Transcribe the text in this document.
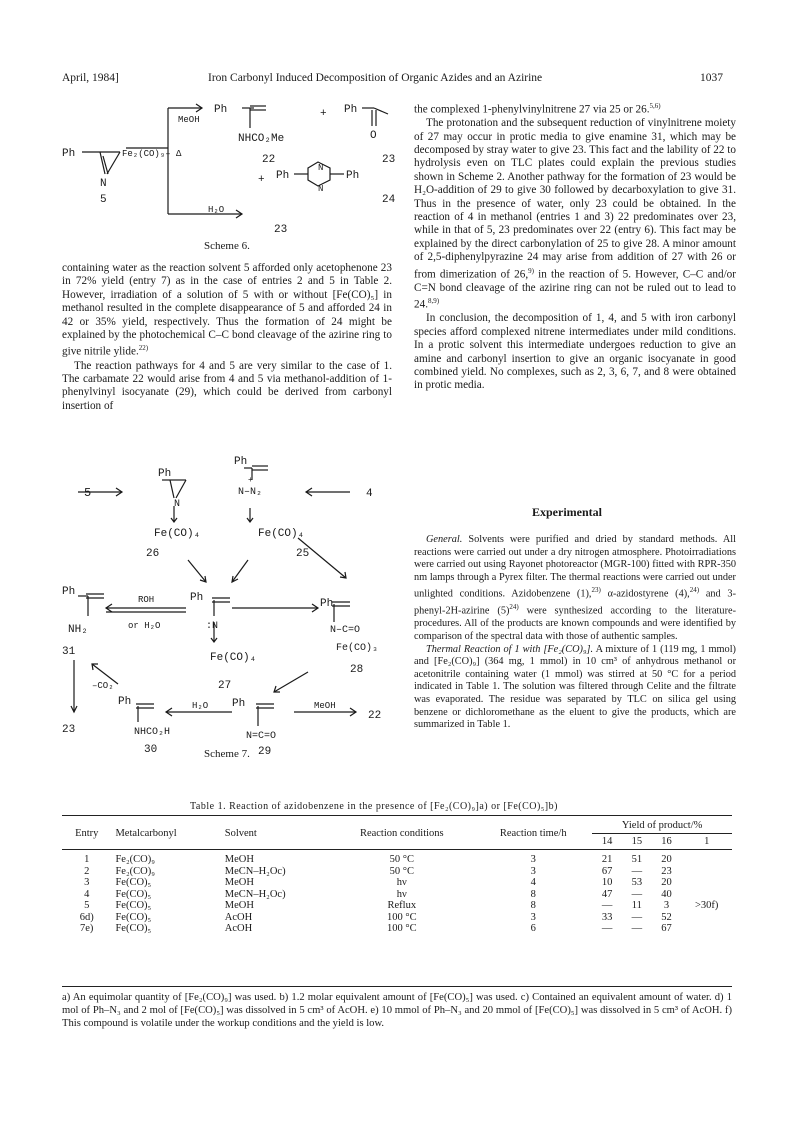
April, 1984]	Iron Carbonyl Induced Decomposition of Organic Azides and an Azirine	1037
Ph	Fe₂(CO)₉– Δ
N
5
MeOH
Ph
NHCO₂Me
22
+ Ph
O
23
+ Ph	Ph
N
N
24
H₂O
23
Scheme 6.

containing water as the reaction solvent 5 afforded only acetophenone 23 in 72% yield (entry 7) as in the case of entries 2 and 5 in Table 2. However, irradiation of a solution of 5 with or without [Fe(CO)₅] in methanol resulted in the complete disappearance of 5 and afforded 24 in 42 or 35% yield, respectively. Thus the formation of 24 might be explained by the photochemical C–C bond cleavage of the azirine ring to give nitrile ylide.$^{22)}$

The reaction pathways for 4 and 5 are very similar to the case of 1. The carbamate 22 would arise from 4 and 5 via methanol-addition of 1-phenylvinyl isocyanate (29), which could be derived from carbonyl insertion of

5
Ph
N
Fe(CO)₄
26
Ph
N–N₂
+
Fe(CO)₄
25
4
Ph
NH₂
31
ROH
or H₂O
Ph
:N
Fe(CO)₄
27
Ph
N–C=O
Fe(CO)₃
28
–CO₂
Ph
NHCO₂H
23
30
H₂O Ph
N=C=O
29
MeOH
22
Scheme 7.

the complexed 1-phenylvinylnitrene 27 via 25 or 26.$^{5,6)}$

The protonation and the subsequent reduction of vinylnitrene moiety of 27 may occur in protic media to give enamine 31, which may be decomposed by stray water to give 23. This fact and the lability of 22 to hydrolysis even on TLC plates could explain the previous studies shown in Scheme 2. Another pathway for the formation of 23 would be H₂O-addition of 29 to give 30 followed by decarboxylation to give 31. Thus in the presence of water, only 23 could be obtained. In the reaction of 4 in methanol (entries 1 and 3) 22 predominates over 23, while in that of 5, 23 predominates over 22 (entry 6). This fact may be explained by the direct carbonylation of 25 to give 28. A minor amount of 2,5-diphenylpyrazine 24 may arise from addition of 27 with 26 or from dimerization of 26,$^{9)}$ in the reaction of 5. However, C–C and/or C=N bond cleavage of the azirine ring can not be ruled out to lead to 24.$^{8,9)}$

In conclusion, the decomposition of 1, 4, and 5 with iron carbonyl species afford complexed nitrene intermediates under mild conditions. In a protic solvent this intermediate undergoes reduction to give an amine and carbonyl insertion to give an organic isocyanate in good combined yield. No complexes, such as 2, 3, 6, 7, and 8 were obtained in protic media.

Experimental

General. Solvents were purified and dried by standard methods. All reactions were carried out under a dry nitrogen atmosphere. Photoirradiations were carried out using Rayonet photoreactor (MGR-100) fitted with RPR-350 nm lamps through a Pyrex filter. The thermal reactions were carried out under unlighted conditions. Azidobenzene (1),$^{23)}$ α-azidostyrene (4),$^{24)}$ and 3-phenyl-2H-azirine $(5)^{24)}$ were synthesized according to the literature-procedures. All of the products are known compounds and were identified by comparison of the spectral data with those of authentic samples.

Thermal Reaction of 1 with [Fe₂(CO)₉]. A mixture of 1 (119 mg, 1 mmol) and [Fe₂(CO)₉] (364 mg, 1 mmol) in 10 cm³ of anhydrous methanol or acetonitrile containing water (1 mmol) was stirred at 50 °C for a period indicated in Table 1. The solution was filtered through Celite and the filtrate was evaporated. The residue was separated by TLC on silica gel using benzene or dichloromethane as the eluent to give the products, which are summarized in Table 1.

Table 1. Reaction of azidobenzene in the presence of [Fe₂(CO)₉]a) or [Fe(CO)₅]b)
Entry	Metalcarbonyl	Solvent	Reaction conditions	Reaction time/h	Yield of product/%			
					14	15	16	1
1	Fe₂(CO)₉	MeOH	50 °C	3	21	51	20	
2	Fe₂(CO)₉	MeCN–H₂Oc)	50 °C	3	67	—	23	
3	Fe(CO)₅	MeOH	hν	4	10	53	20	
4	Fe(CO)₅	MeCN–H₂Oc)	hν	8	47	—	40	
5	Fe(CO)₅	MeOH	Reflux	8	—	11	3	>30f)
6d)	Fe(CO)₅	AcOH	100 °C	3	33	—	52	
7e)	Fe(CO)₅	AcOH	100 °C	6	—	—	67	
a) An equimolar quantity of [Fe₂(CO)₉] was used. b) 1.2 molar equivalent amount of [Fe(CO)₅] was used. c) Contained an equivalent amount of water. d) 1 mol of Ph–N₃ and 2 mol of [Fe(CO)₅] was dissolved in 5 cm³ of AcOH. e) 10 mmol of Ph–N₃ and 20 mmol of [Fe(CO)₅] was dissolved in 5 cm³ of AcOH. f) This compound is volatile under the workup conditions and the yield is low.
